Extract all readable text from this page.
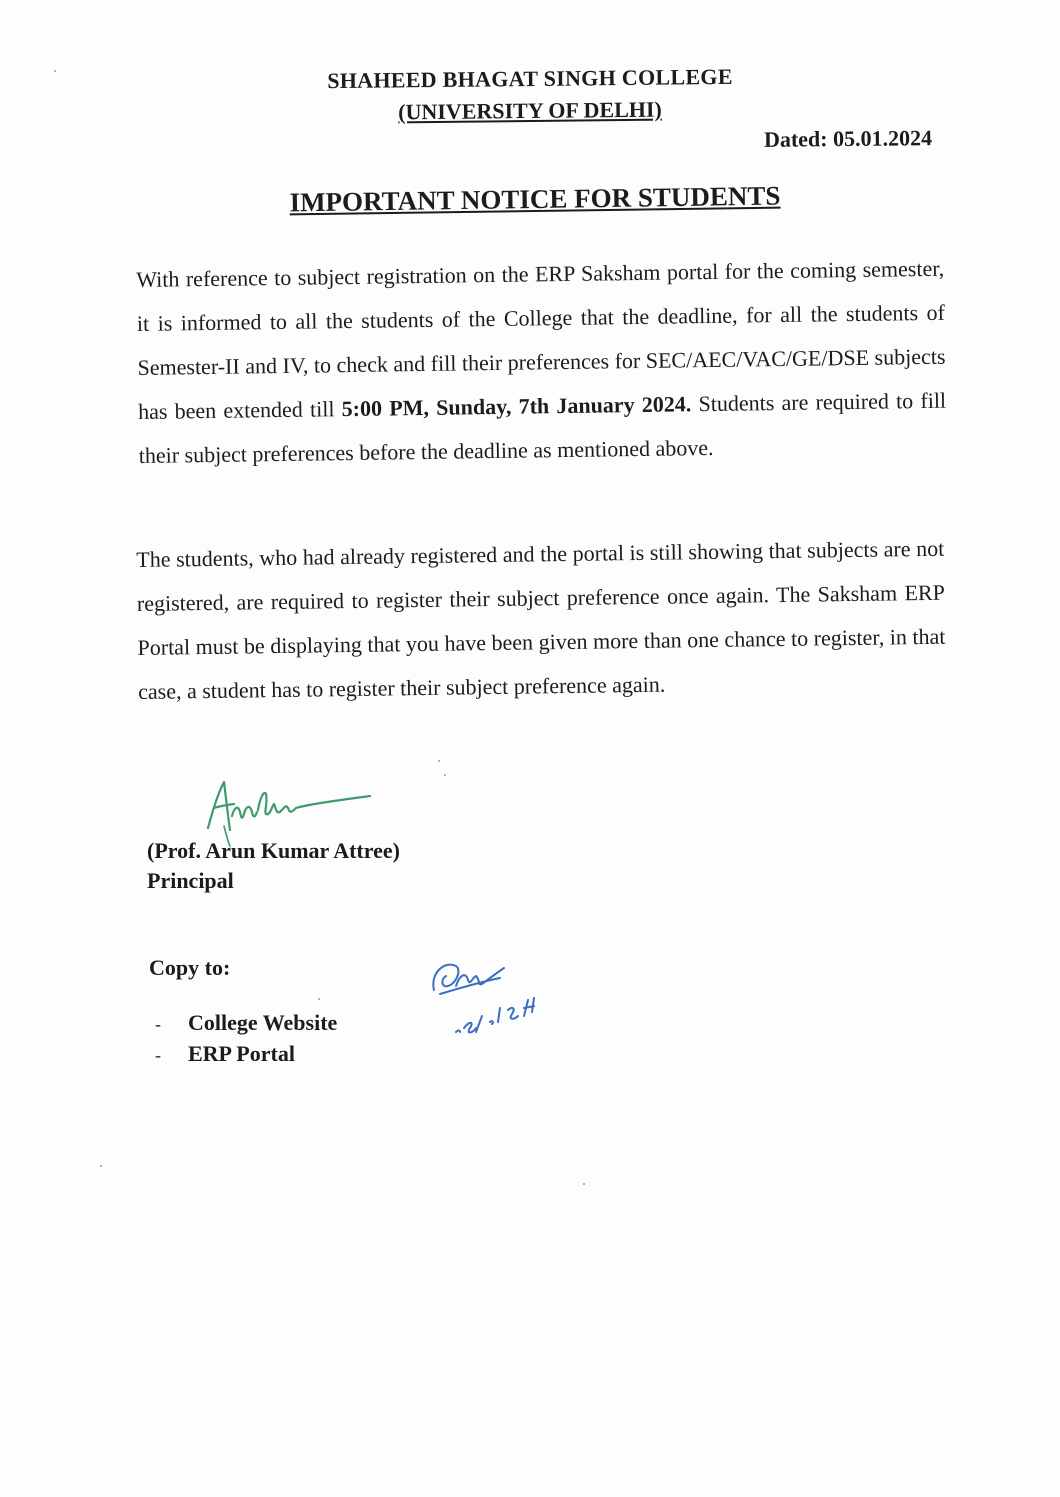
SHAHEED BHAGAT SINGH COLLEGE
(UNIVERSITY OF DELHI)

Dated: 05.01.2024

IMPORTANT NOTICE FOR STUDENTS

With reference to subject registration on the ERP Saksham portal for the coming semester, it is informed to all the students of the College that the deadline, for all the students of Semester-II and IV, to check and fill their preferences for SEC/AEC/VAC/GE/DSE subjects has been extended till 5:00 PM, Sunday, 7th January 2024. Students are required to fill their subject preferences before the deadline as mentioned above.

The students, who had already registered and the portal is still showing that subjects are not registered, are required to register their subject preference once again. The Saksham ERP Portal must be displaying that you have been given more than one chance to register, in that case, a student has to register their subject preference again.

(Prof. Arun Kumar Attree)

Principal

Copy to:

-	College Website
-	ERP Portal
